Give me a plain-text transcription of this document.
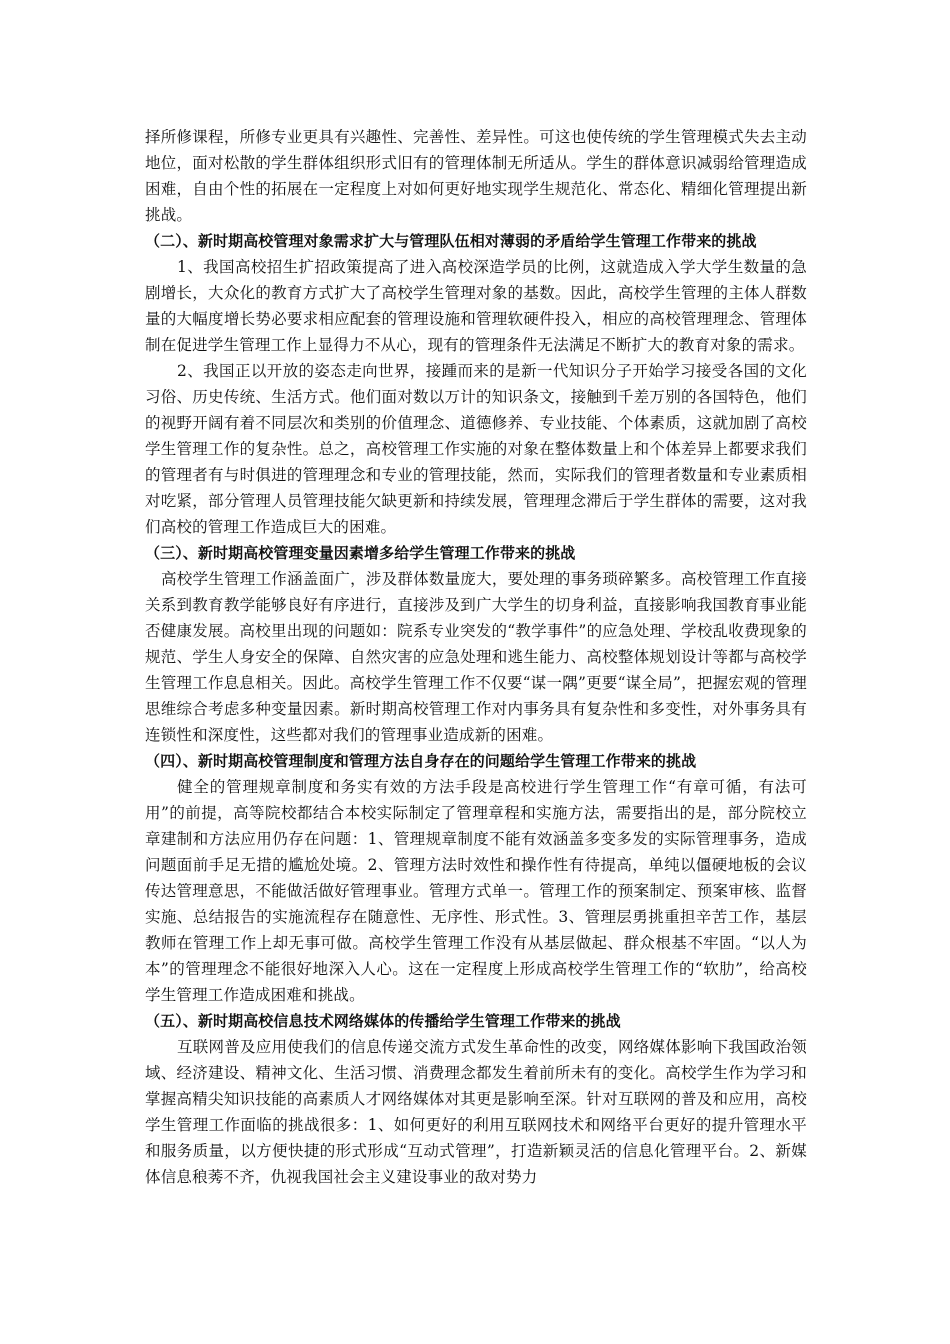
择所修课程，所修专业更具有兴趣性、完善性、差异性。可这也使传统的学生管理模式失去主动地位，面对松散的学生群体组织形式旧有的管理体制无所适从。学生的群体意识减弱给管理造成困难，自由个性的拓展在一定程度上对如何更好地实现学生规范化、常态化、精细化管理提出新挑战。

（二）、新时期高校管理对象需求扩大与管理队伍相对薄弱的矛盾给学生管理工作带来的挑战

1、我国高校招生扩招政策提高了进入高校深造学员的比例，这就造成入学大学生数量的急剧增长，大众化的教育方式扩大了高校学生管理对象的基数。因此，高校学生管理的主体人群数量的大幅度增长势必要求相应配套的管理设施和管理软硬件投入，相应的高校管理理念、管理体制在促进学生管理工作上显得力不从心，现有的管理条件无法满足不断扩大的教育对象的需求。

2、我国正以开放的姿态走向世界，接踵而来的是新一代知识分子开始学习接受各国的文化习俗、历史传统、生活方式。他们面对数以万计的知识条文，接触到千差万别的各国特色，他们的视野开阔有着不同层次和类别的价值理念、道德修养、专业技能、个体素质，这就加剧了高校学生管理工作的复杂性。总之，高校管理工作实施的对象在整体数量上和个体差异上都要求我们的管理者有与时俱进的管理理念和专业的管理技能，然而，实际我们的管理者数量和专业素质相对吃紧，部分管理人员管理技能欠缺更新和持续发展，管理理念滞后于学生群体的需要，这对我们高校的管理工作造成巨大的困难。

（三）、新时期高校管理变量因素增多给学生管理工作带来的挑战

高校学生管理工作涵盖面广，涉及群体数量庞大，要处理的事务琐碎繁多。高校管理工作直接关系到教育教学能够良好有序进行，直接涉及到广大学生的切身利益，直接影响我国教育事业能否健康发展。高校里出现的问题如：院系专业突发的“教学事件”的应急处理、学校乱收费现象的规范、学生人身安全的保障、自然灾害的应急处理和逃生能力、高校整体规划设计等都与高校学生管理工作息息相关。因此。高校学生管理工作不仅要“谋一隅”更要“谋全局”，把握宏观的管理思维综合考虑多种变量因素。新时期高校管理工作对内事务具有复杂性和多变性，对外事务具有连锁性和深度性，这些都对我们的管理事业造成新的困难。

（四）、新时期高校管理制度和管理方法自身存在的问题给学生管理工作带来的挑战

健全的管理规章制度和务实有效的方法手段是高校进行学生管理工作“有章可循，有法可用”的前提，高等院校都结合本校实际制定了管理章程和实施方法，需要指出的是，部分院校立章建制和方法应用仍存在问题：1、管理规章制度不能有效涵盖多变多发的实际管理事务，造成问题面前手足无措的尴尬处境。2、管理方法时效性和操作性有待提高，单纯以僵硬地板的会议传达管理意思，不能做活做好管理事业。管理方式单一。管理工作的预案制定、预案审核、监督实施、总结报告的实施流程存在随意性、无序性、形式性。3、管理层勇挑重担辛苦工作，基层教师在管理工作上却无事可做。高校学生管理工作没有从基层做起、群众根基不牢固。“以人为本”的管理理念不能很好地深入人心。这在一定程度上形成高校学生管理工作的“软肋”，给高校学生管理工作造成困难和挑战。

（五）、新时期高校信息技术网络媒体的传播给学生管理工作带来的挑战

互联网普及应用使我们的信息传递交流方式发生革命性的改变，网络媒体影响下我国政治领域、经济建设、精神文化、生活习惯、消费理念都发生着前所未有的变化。高校学生作为学习和掌握高精尖知识技能的高素质人才网络媒体对其更是影响至深。针对互联网的普及和应用，高校学生管理工作面临的挑战很多：1、如何更好的利用互联网技术和网络平台更好的提升管理水平和服务质量，以方便快捷的形式形成“互动式管理”，打造新颖灵活的信息化管理平台。2、新媒体信息稂莠不齐，仇视我国社会主义建设事业的敌对势力
